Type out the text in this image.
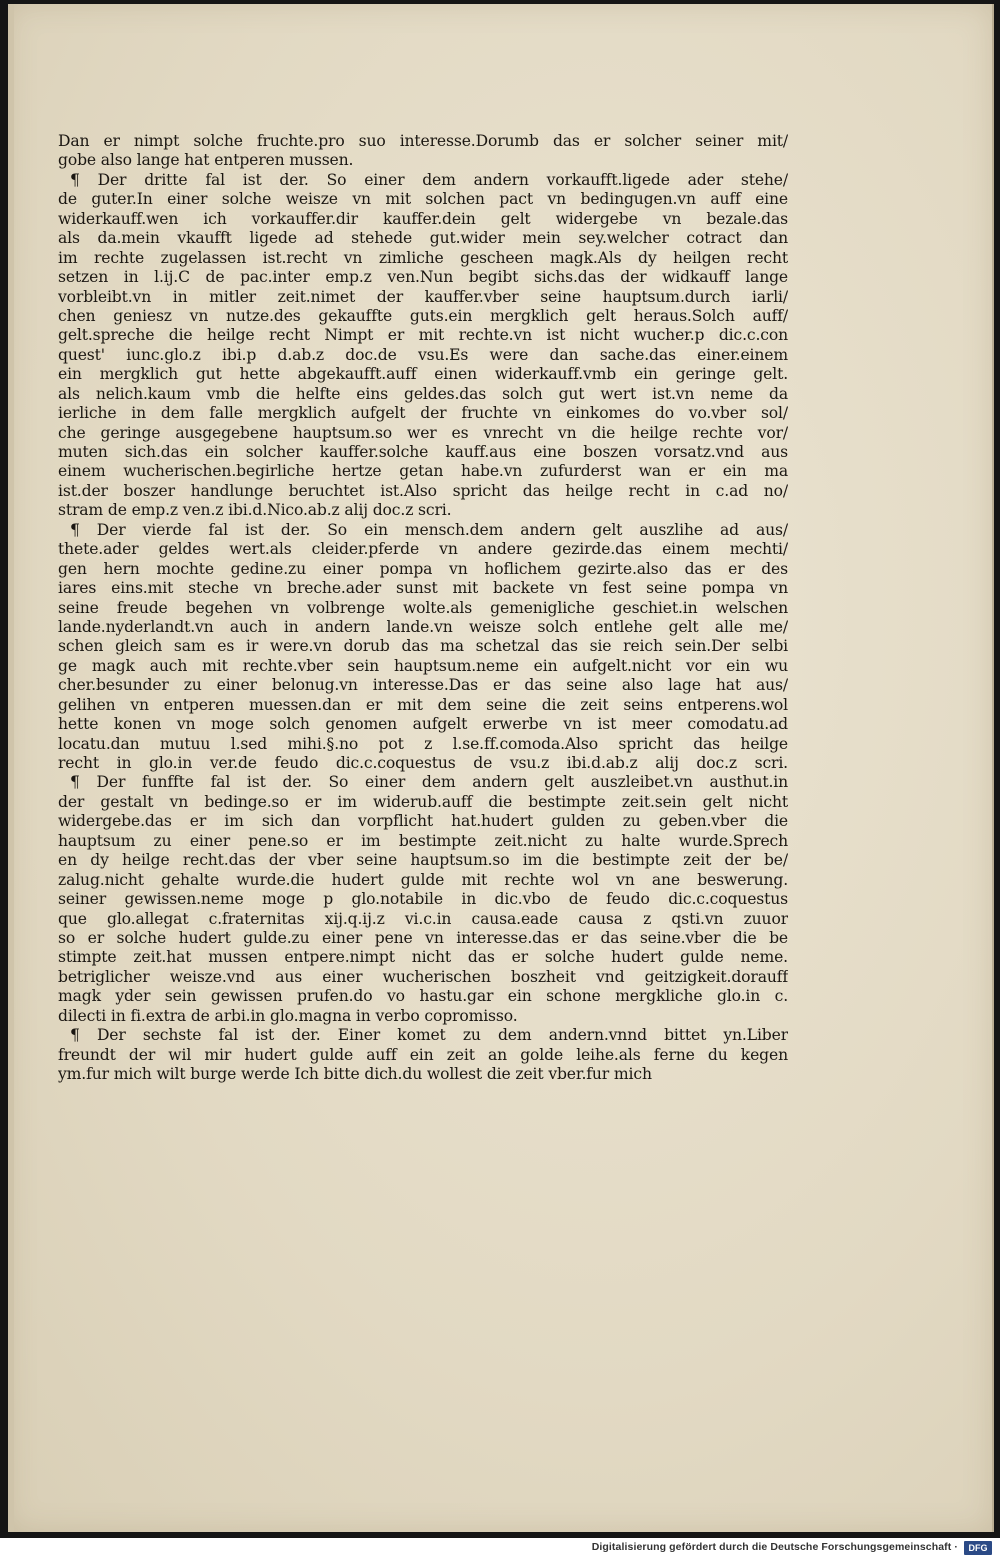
Dan er nimpt solche fruchte.pro suo interesse.Dorumb das er solcher seiner mit/
gobe also lange hat entperen mussen.
¶ Der dritte fal ist der. So einer dem andern vorkaufft.ligede ader stehe/
de guter.In einer solche weisze vn mit solchen pact vn bedingugen.vn auff eine
widerkauff.wen ich vorkauffer.dir kauffer.dein gelt widergebe vn bezale.das
als da.mein vkaufft ligede ad stehede gut.wider mein sey.welcher cotract dan
im rechte zugelassen ist.recht vn zimliche gescheen magk.Als dy heilgen recht
setzen in l.ij.C de pac.inter emp.z ven.Nun begibt sichs.das der widkauff lange
vorbleibt.vn in mitler zeit.nimet der kauffer.vber seine hauptsum.durch iarli/
chen geniesz vn nutze.des gekauffte guts.ein mergklich gelt heraus.Solch auff/
gelt.spreche die heilge recht Nimpt er mit rechte.vn ist nicht wucher.p dic.c.con
quest' iunc.glo.z ibi.p d.ab.z doc.de vsu.Es were dan sache.das einer.einem
ein mergklich gut hette abgekaufft.auff einen widerkauff.vmb ein geringe gelt.
als nelich.kaum vmb die helfte eins geldes.das solch gut wert ist.vn neme da
ierliche in dem falle mergklich aufgelt der fruchte vn einkomes do vo.vber sol/
che geringe ausgegebene hauptsum.so wer es vnrecht vn die heilge rechte vor/
muten sich.das ein solcher kauffer.solche kauff.aus eine boszen vorsatz.vnd aus
einem wucherischen.begirliche hertze getan habe.vn zufurderst wan er ein ma
ist.der boszer handlunge beruchtet ist.Also spricht das heilge recht in c.ad no/
stram de emp.z ven.z ibi.d.Nico.ab.z alij doc.z scri.
¶ Der vierde fal ist der. So ein mensch.dem andern gelt auszlihe ad aus/
thete.ader geldes wert.als cleider.pferde vn andere gezirde.das einem mechti/
gen hern mochte gedine.zu einer pompa vn hoflichem gezirte.also das er des
iares eins.mit steche vn breche.ader sunst mit backete vn fest seine pompa vn
seine freude begehen vn volbrenge wolte.als gemenigliche geschiet.in welschen
lande.nyderlandt.vn auch in andern lande.vn weisze solch entlehe gelt alle me/
schen gleich sam es ir were.vn dorub das ma schetzal das sie reich sein.Der selbi
ge magk auch mit rechte.vber sein hauptsum.neme ein aufgelt.nicht vor ein wu
cher.besunder zu einer belonug.vn interesse.Das er das seine also lage hat aus/
gelihen vn entperen muessen.dan er mit dem seine die zeit seins entperens.wol
hette konen vn moge solch genomen aufgelt erwerbe vn ist meer comodatu.ad
locatu.dan mutuu l.sed mihi.§.no pot z l.se.ff.comoda.Also spricht das heilge
recht in glo.in ver.de feudo dic.c.coquestus de vsu.z ibi.d.ab.z alij doc.z scri.
¶ Der funffte fal ist der. So einer dem andern gelt auszleibet.vn austhut.in
der gestalt vn bedinge.so er im widerub.auff die bestimpte zeit.sein gelt nicht
widergebe.das er im sich dan vorpflicht hat.hudert gulden zu geben.vber die
hauptsum zu einer pene.so er im bestimpte zeit.nicht zu halte wurde.Sprech
en dy heilge recht.das der vber seine hauptsum.so im die bestimpte zeit der be/
zalug.nicht gehalte wurde.die hudert gulde mit rechte wol vn ane beswerung.
seiner gewissen.neme moge p glo.notabile in dic.vbo de feudo dic.c.coquestus
que glo.allegat c.fraternitas xij.q.ij.z vi.c.in causa.eade causa z qsti.vn zuuor
so er solche hudert gulde.zu einer pene vn interesse.das er das seine.vber die be
stimpte zeit.hat mussen entpere.nimpt nicht das er solche hudert gulde neme.
betriglicher weisze.vnd aus einer wucherischen boszheit vnd geitzigkeit.dorauff
magk yder sein gewissen prufen.do vo hastu.gar ein schone mergkliche glo.in c.
dilecti in fi.extra de arbi.in glo.magna in verbo copromisso.
¶ Der sechste fal ist der. Einer komet zu dem andern.vnnd bittet yn.Liber
freundt der wil mir hudert gulde auff ein zeit an golde leihe.als ferne du kegen
ym.fur mich wilt burge werde Ich bitte dich.du wollest die zeit vber.fur mich
Digitalisierung gefördert durch die Deutsche Forschungsgemeinschaft ·	DFG
